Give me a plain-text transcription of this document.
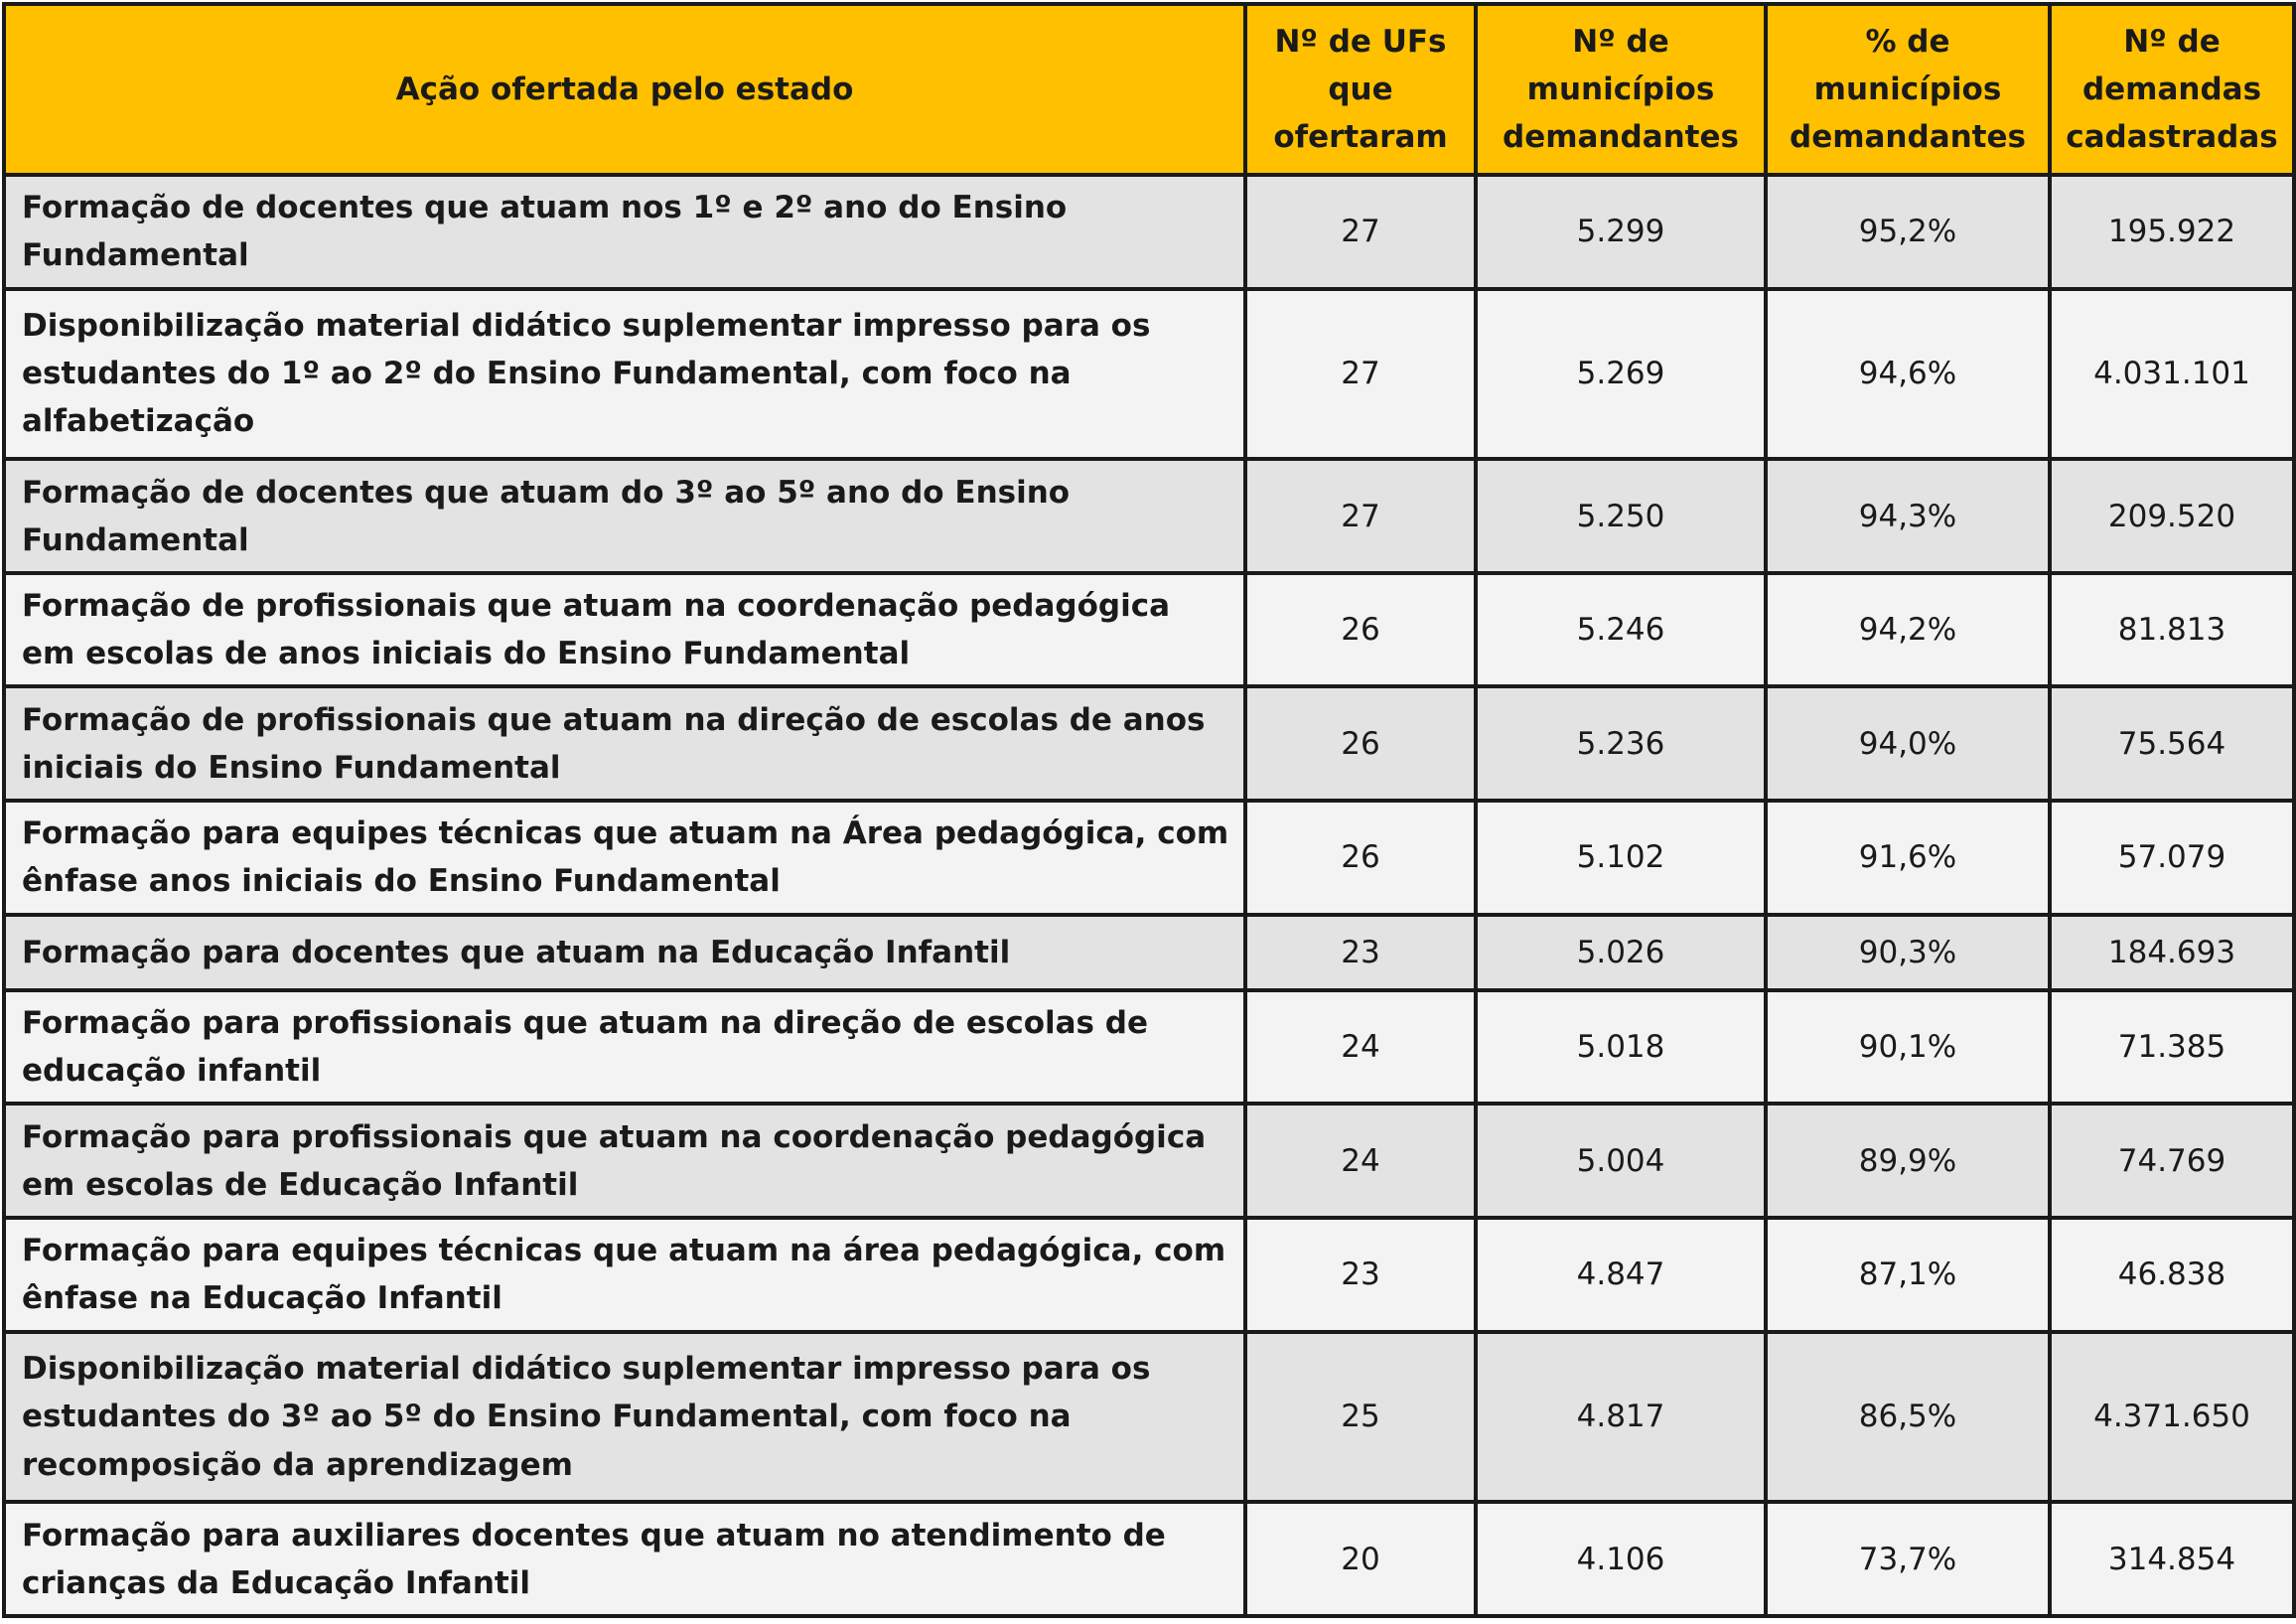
Ação ofertada pelo estado	Nº de UFs que ofertaram	Nº de municípios demandantes	% de municípios demandantes	Nº de demandas cadastradas
Formação de docentes que atuam nos 1º e 2º ano do Ensino Fundamental	27	5.299	95,2%	195.922
Disponibilização material didático suplementar impresso para os estudantes do 1º ao 2º do Ensino Fundamental, com foco na alfabetização	27	5.269	94,6%	4.031.101
Formação de docentes que atuam do 3º ao 5º ano do Ensino Fundamental	27	5.250	94,3%	209.520
Formação de profissionais que atuam na coordenação pedagógica em escolas de anos iniciais do Ensino Fundamental	26	5.246	94,2%	81.813
Formação de profissionais que atuam na direção de escolas de anos iniciais do Ensino Fundamental	26	5.236	94,0%	75.564
Formação para equipes técnicas que atuam na Área pedagógica, com ênfase anos iniciais do Ensino Fundamental	26	5.102	91,6%	57.079
Formação para docentes que atuam na Educação Infantil	23	5.026	90,3%	184.693
Formação para profissionais que atuam na direção de escolas de educação infantil	24	5.018	90,1%	71.385
Formação para profissionais que atuam na coordenação pedagógica em escolas de Educação Infantil	24	5.004	89,9%	74.769
Formação para equipes técnicas que atuam na área pedagógica, com ênfase na Educação Infantil	23	4.847	87,1%	46.838
Disponibilização material didático suplementar impresso para os estudantes do 3º ao 5º do Ensino Fundamental, com foco na recomposição da aprendizagem	25	4.817	86,5%	4.371.650
Formação para auxiliares docentes que atuam no atendimento de crianças da Educação Infantil	20	4.106	73,7%	314.854
